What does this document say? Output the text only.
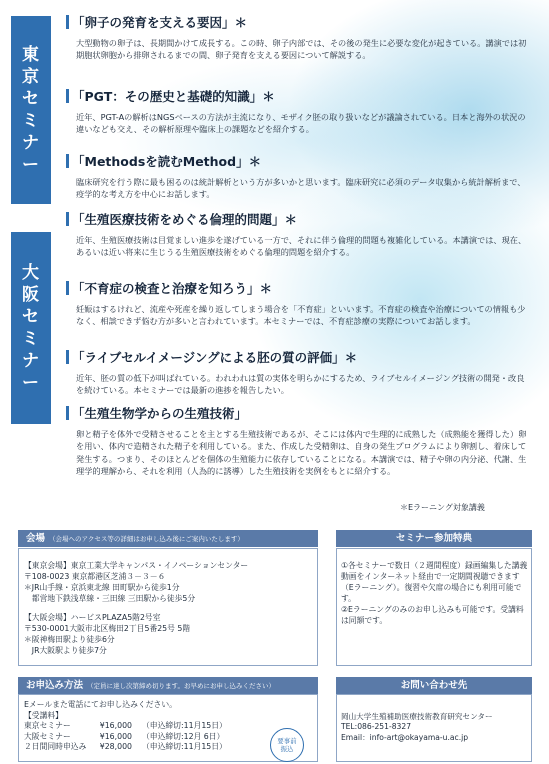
東
京
セ
ミ
ナ
ー
大
阪
セ
ミ
ナ
ー
「卵子の発育を支える要因」＊
大型動物の卵子は、長期間かけて成長する。この時、卵子内部では、その後の発生に必要な変化が起きている。講演では初期胞状卵胞から排卵されるまでの間、卵子発育を支える要因について解説する。
「PGT：その歴史と基礎的知識」＊
近年、PGT-Aの解析はNGSベースの方法が主流になり、モザイク胚の取り扱いなどが議論されている。日本と海外の状況の違いなども交え、その解析原理や臨床上の課題などを紹介する。
「Methodsを読むMethod」＊
臨床研究を行う際に最も困るのは統計解析という方が多いかと思います。臨床研究に必須のデータ収集から統計解析まで、疫学的な考え方を中心にお話します。
「生殖医療技術をめぐる倫理的問題」＊
近年、生殖医療技術は目覚ましい進歩を遂げている一方で、それに伴う倫理的問題も複雑化している。本講演では、現在、あるいは近い将来に生じうる生殖医療技術をめぐる倫理的問題を紹介する。
「不育症の検査と治療を知ろう」＊
妊娠はするけれど、流産や死産を繰り返してしまう場合を「不育症」といいます。不育症の検査や治療についての情報も少なく、相談できず悩む方が多いと言われています。本セミナーでは、不育症診療の実際についてお話します。
「ライブセルイメージングによる胚の質の評価」＊
近年、胚の質の低下が叫ばれている。われわれは質の実体を明らかにするため、ライブセルイメージング技術の開発・改良を続けている。本セミナーでは最新の進捗を報告したい。
「生殖生物学からの生殖技術」
卵と精子を体外で受精させることを主とする生殖技術であるが、そこには体内で生理的に成熟した（成熟能を獲得した）卵を用い、体内で造精された精子を利用している。また、作成した受精卵は、自身の発生プログラムにより卵割し、着床して発生する。つまり、そのほとんどを個体の生殖能力に依存していることになる。本講演では、精子や卵の内分泌、代謝、生理学的理解から、それを利用（人為的に誘導）した生殖技術を実例をもとに紹介する。
＊Eラーニング対象講義
会場 （会場へのアクセス等の詳細はお申し込み後にご案内いたします）
【東京会場】東京工業大学キャンパス・イノベーションセンター
〒108-0023 東京都港区芝浦３－３－６
＊JR山手線・京浜東北線 田町駅から徒歩1分
　都営地下鉄浅草線・三田線 三田駅から徒歩5分
【大阪会場】ハービスPLAZA5階2号室
〒530-0001大阪市北区梅田2丁目5番25号 5階
＊阪神梅田駅より徒歩6分
　JR大阪駅より徒歩7分
セミナー参加特典
①各セミナーで数日（２週間程度）録画編集した講義動画をインターネット経由で一定期間視聴できます（Eラーニング）。復習や欠席の場合にも利用可能です。
②Eラーニングのみのお申し込みも可能です。受講料は同額です。
お申込み方法 （定員に達し次第締め切ります。お早めにお申し込みください）
Eメールまた電話にてお申し込みください。
【受講料】
東京セミナー	¥16,000 （申込締切:11月15日）
大阪セミナー	¥16,000 （申込締切:12月 6日）
２日間同時申込み	¥28,000 （申込締切:11月15日）
要事前
振込
お問い合わせ先
岡山大学生殖補助医療技術教育研究センター
TEL:086-251-8327
Email：info-art@okayama-u.ac.jp
